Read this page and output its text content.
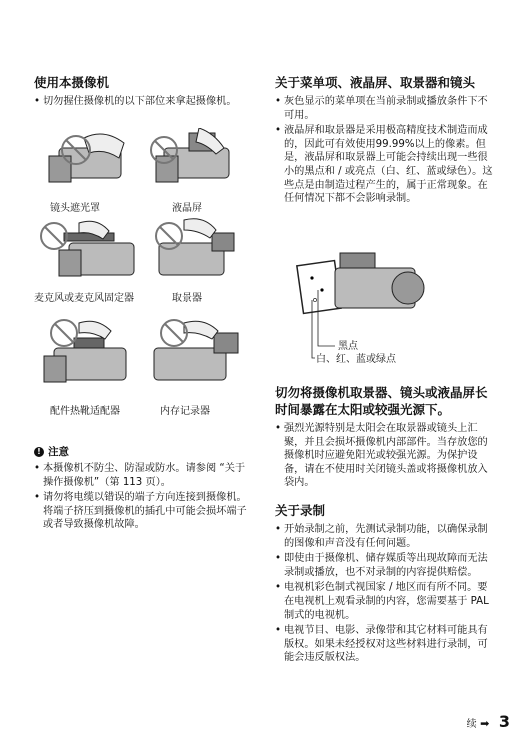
使用本摄像机
• 切勿握住摄像机的以下部位来拿起摄像机。
镜头遮光罩	液晶屏
麦克风或麦克风固定器	取景器
配件热靴适配器	内存记录器
! 注意
• 本摄像机不防尘、防湿或防水。请参阅 “关于操作摄像机”（第 113 页）。
• 请勿将电缆以错误的端子方向连接到摄像机。将端子挤压到摄像机的插孔中可能会损坏端子或者导致摄像机故障。
关于菜单项、液晶屏、取景器和镜头
• 灰色显示的菜单项在当前录制或播放条件下不可用。
• 液晶屏和取景器是采用极高精度技术制造而成的，因此可有效使用99.99%以上的像素。但是，液晶屏和取景器上可能会持续出现一些很小的黑点和 / 或亮点（白、红、蓝或绿色）。这些点是由制造过程产生的，属于正常现象。在任何情况下都不会影响录制。
黑点
白、红、蓝或绿点
切勿将摄像机取景器、镜头或液晶屏长时间暴露在太阳或较强光源下。
• 强烈光源特别是太阳会在取景器或镜头上汇聚，并且会损坏摄像机内部部件。当存放您的摄像机时应避免阳光或较强光源。为保护设备，请在不使用时关闭镜头盖或将摄像机放入袋内。
关于录制
• 开始录制之前，先测试录制功能，以确保录制的图像和声音没有任何问题。
• 即使由于摄像机、储存媒质等出现故障而无法录制或播放，也不对录制的内容提供赔偿。
• 电视机彩色制式视国家 / 地区而有所不同。要在电视机上观看录制的内容，您需要基于 PAL 制式的电视机。
• 电视节目、电影、录像带和其它材料可能具有版权。如果未经授权对这些材料进行录制，可能会违反版权法。
续 ➡ 3
